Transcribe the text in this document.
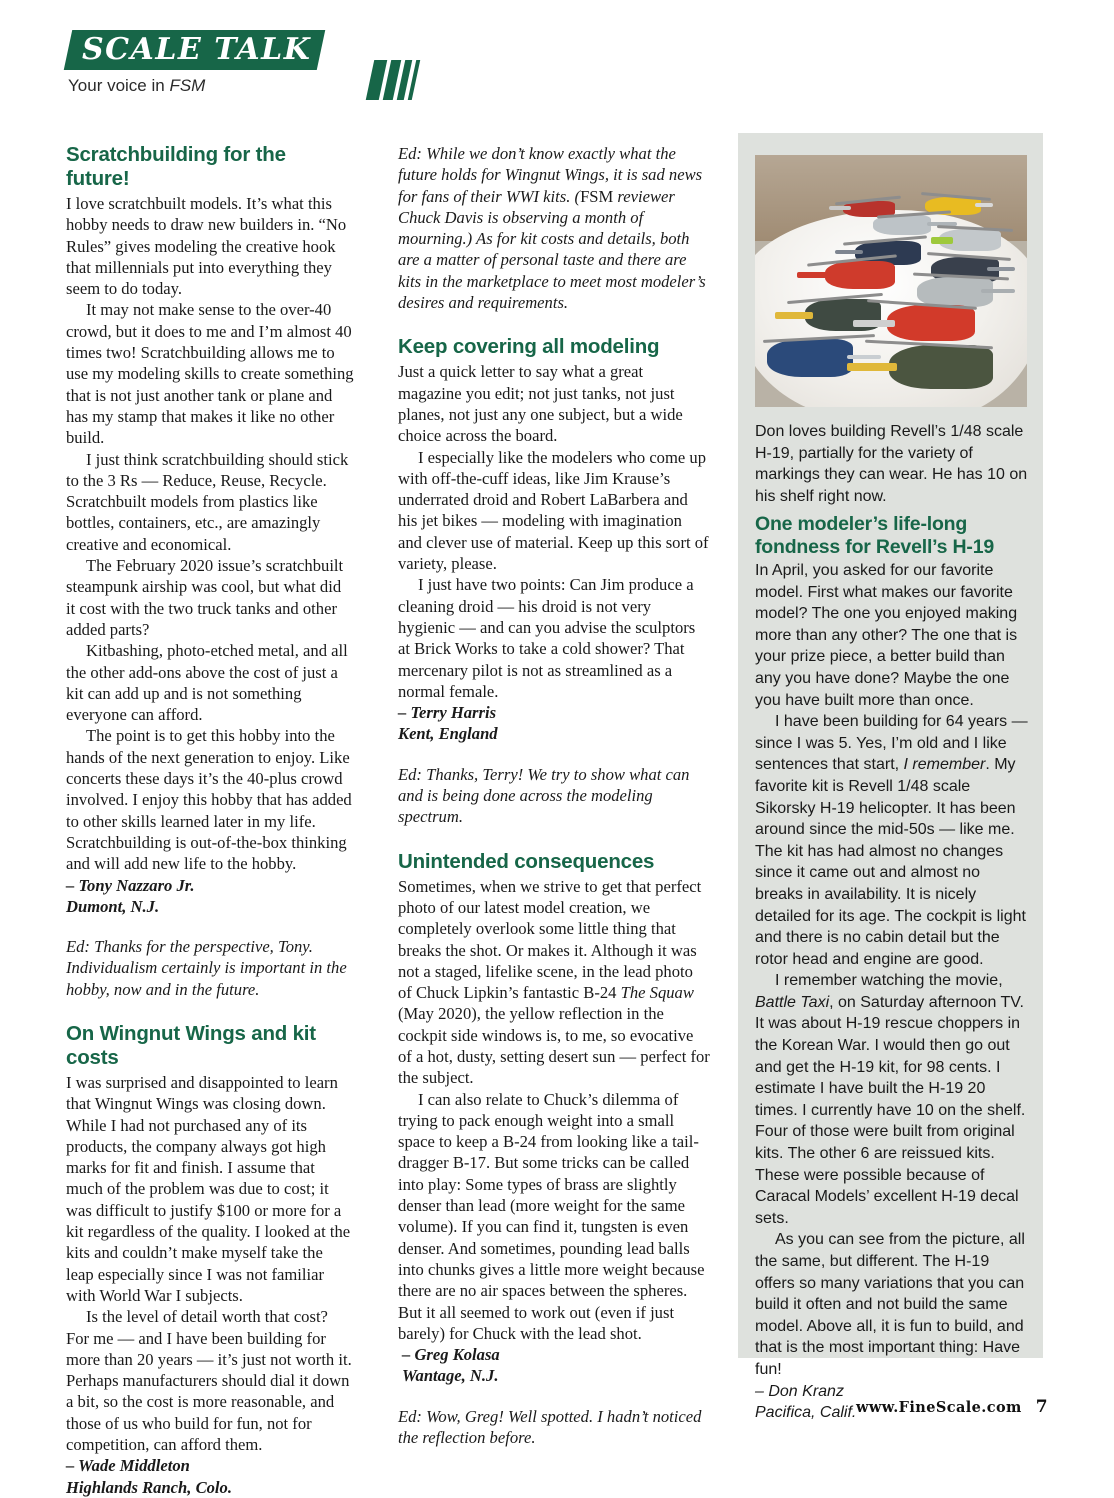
SCALE TALK
Your voice in FSM
Scratchbuilding for the future!

I love scratchbuilt models. It’s what this hobby needs to draw new builders in. “No Rules” gives modeling the creative hook that millennials put into everything they seem to do today.

It may not make sense to the over-40 crowd, but it does to me and I’m almost 40 times two! Scratchbuilding allows me to use my modeling skills to create something that is not just another tank or plane and has my stamp that makes it like no other build.

I just think scratchbuilding should stick to the 3 Rs — Reduce, Reuse, Recycle. Scratchbuilt models from plastics like bottles, containers, etc., are amazingly creative and economical.

The February 2020 issue’s scratchbuilt steampunk airship was cool, but what did it cost with the two truck tanks and other added parts?

Kitbashing, photo-etched metal, and all the other add-ons above the cost of just a kit can add up and is not something everyone can afford.

The point is to get this hobby into the hands of the next generation to enjoy. Like concerts these days it’s the 40-plus crowd involved. I enjoy this hobby that has added to other skills learned later in my life. Scratchbuilding is out-of-the-box thinking and will add new life to the hobby.

– Tony Nazzaro Jr.

Dumont, N.J.

Ed: Thanks for the perspective, Tony. Individualism certainly is important in the hobby, now and in the future.

On Wingnut Wings and kit costs

I was surprised and disappointed to learn that Wingnut Wings was closing down. While I had not purchased any of its products, the company always got high marks for fit and finish. I assume that much of the problem was due to cost; it was difficult to justify $100 or more for a kit regardless of the quality. I looked at the kits and couldn’t make myself take the leap especially since I was not familiar with World War I subjects.

Is the level of detail worth that cost? For me — and I have been building for more than 20 years — it’s just not worth it. Perhaps manufacturers should dial it down a bit, so the cost is more reasonable, and those of us who build for fun, not for competition, can afford them.

– Wade Middleton

Highlands Ranch, Colo.

Ed: While we don’t know exactly what the future holds for Wingnut Wings, it is sad news for fans of their WWI kits. (FSM reviewer Chuck Davis is observing a month of mourning.) As for kit costs and details, both are a matter of personal taste and there are kits in the marketplace to meet most modeler’s desires and requirements.

Keep covering all modeling

Just a quick letter to say what a great magazine you edit; not just tanks, not just planes, not just any one subject, but a wide choice across the board.

I especially like the modelers who come up with off-the-cuff ideas, like Jim Krause’s underrated droid and Robert LaBarbera and his jet bikes — modeling with imagination and clever use of material. Keep up this sort of variety, please.

I just have two points: Can Jim produce a cleaning droid — his droid is not very hygienic — and can you advise the sculptors at Brick Works to take a cold shower? That mercenary pilot is not as streamlined as a normal female.

– Terry Harris

Kent, England

Ed: Thanks, Terry! We try to show what can and is being done across the modeling spectrum.

Unintended consequences

Sometimes, when we strive to get that perfect photo of our latest model creation, we completely overlook some little thing that breaks the shot. Or makes it. Although it was not a staged, lifelike scene, in the lead photo of Chuck Lipkin’s fantastic B-24 The Squaw (May 2020), the yellow reflection in the cockpit side windows is, to me, so evocative of a hot, dusty, setting desert sun — perfect for the subject.

I can also relate to Chuck’s dilemma of trying to pack enough weight into a small space to keep a B-24 from looking like a tail-dragger B-17. But some tricks can be called into play: Some types of brass are slightly denser than lead (more weight for the same volume). If you can find it, tungsten is even denser. And sometimes, pounding lead balls into chunks gives a little more weight because there are no air spaces between the spheres. But it all seemed to work out (even if just barely) for Chuck with the lead shot.

– Greg Kolasa

Wantage, N.J.

Ed: Wow, Greg! Well spotted. I hadn’t noticed the reflection before.

Don loves building Revell’s 1/48 scale H-19, partially for the variety of markings they can wear. He has 10 on his shelf right now.
One modeler’s life-long fondness for Revell’s H-19

In April, you asked for our favorite model. First what makes our favorite model? The one you enjoyed making more than any other? The one that is your prize piece, a better build than any you have done? Maybe the one you have built more than once.

I have been building for 64 years — since I was 5. Yes, I’m old and I like sentences that start, I remember. My favorite kit is Revell 1/48 scale Sikorsky H-19 helicopter. It has been around since the mid-50s — like me. The kit has had almost no changes since it came out and almost no breaks in availability. It is nicely detailed for its age. The cockpit is light and there is no cabin detail but the rotor head and engine are good.

I remember watching the movie, Battle Taxi, on Saturday afternoon TV. It was about H-19 rescue choppers in the Korean War. I would then go out and get the H-19 kit, for 98 cents. I estimate I have built the H-19 20 times. I currently have 10 on the shelf. Four of those were built from original kits. The other 6 are reissued kits. These were possible because of Caracal Models’ excellent H-19 decal sets.

As you can see from the picture, all the same, but different. The H-19 offers so many variations that you can build it often and not build the same model. Above all, it is fun to build, and that is the most important thing: Have fun!

– Don Kranz

Pacifica, Calif. www.FineScale.com 7
